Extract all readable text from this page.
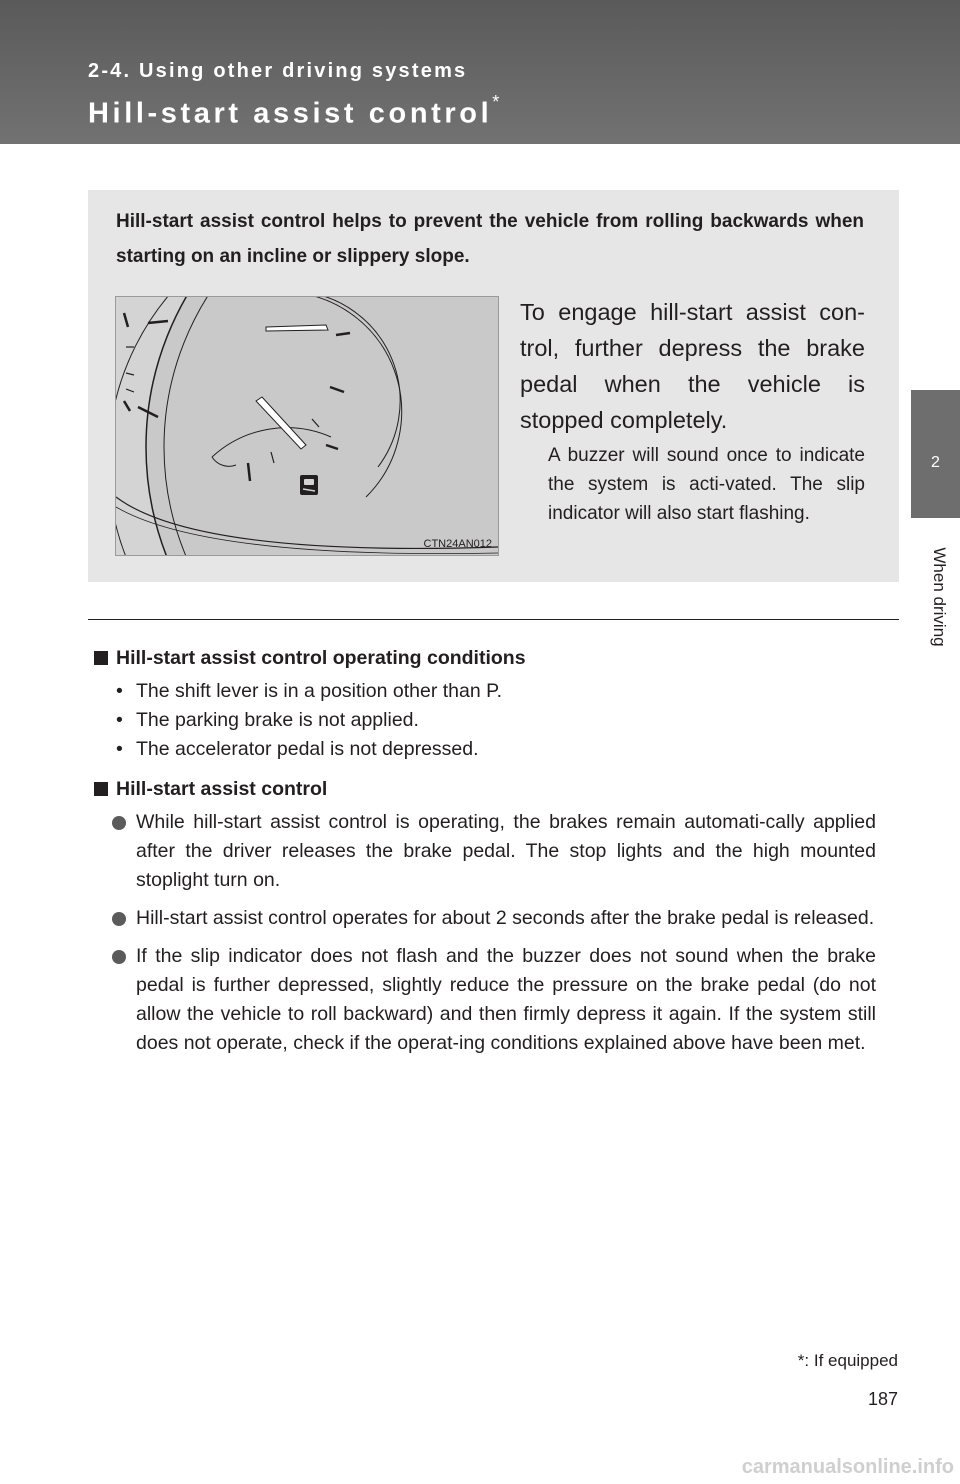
2-4. Using other driving systems
Hill-start assist control*
2
When driving
Hill-start assist control helps to prevent the vehicle from rolling backwards when starting on an incline or slippery slope.
CTN24AN012
To engage hill-start assist con-trol, further depress the brake pedal when the vehicle is stopped completely.
A buzzer will sound once to indicate the system is acti-vated. The slip indicator will also start flashing.
Hill-start assist control operating conditions
• The shift lever is in a position other than P.
• The parking brake is not applied.
• The accelerator pedal is not depressed.
Hill-start assist control
While hill-start assist control is operating, the brakes remain automati-cally applied after the driver releases the brake pedal. The stop lights and the high mounted stoplight turn on.
Hill-start assist control operates for about 2 seconds after the brake pedal is released.
If the slip indicator does not flash and the buzzer does not sound when the brake pedal is further depressed, slightly reduce the pressure on the brake pedal (do not allow the vehicle to roll backward) and then firmly depress it again. If the system still does not operate, check if the operat-ing conditions explained above have been met.
*: If equipped
187
carmanualsonline.info
